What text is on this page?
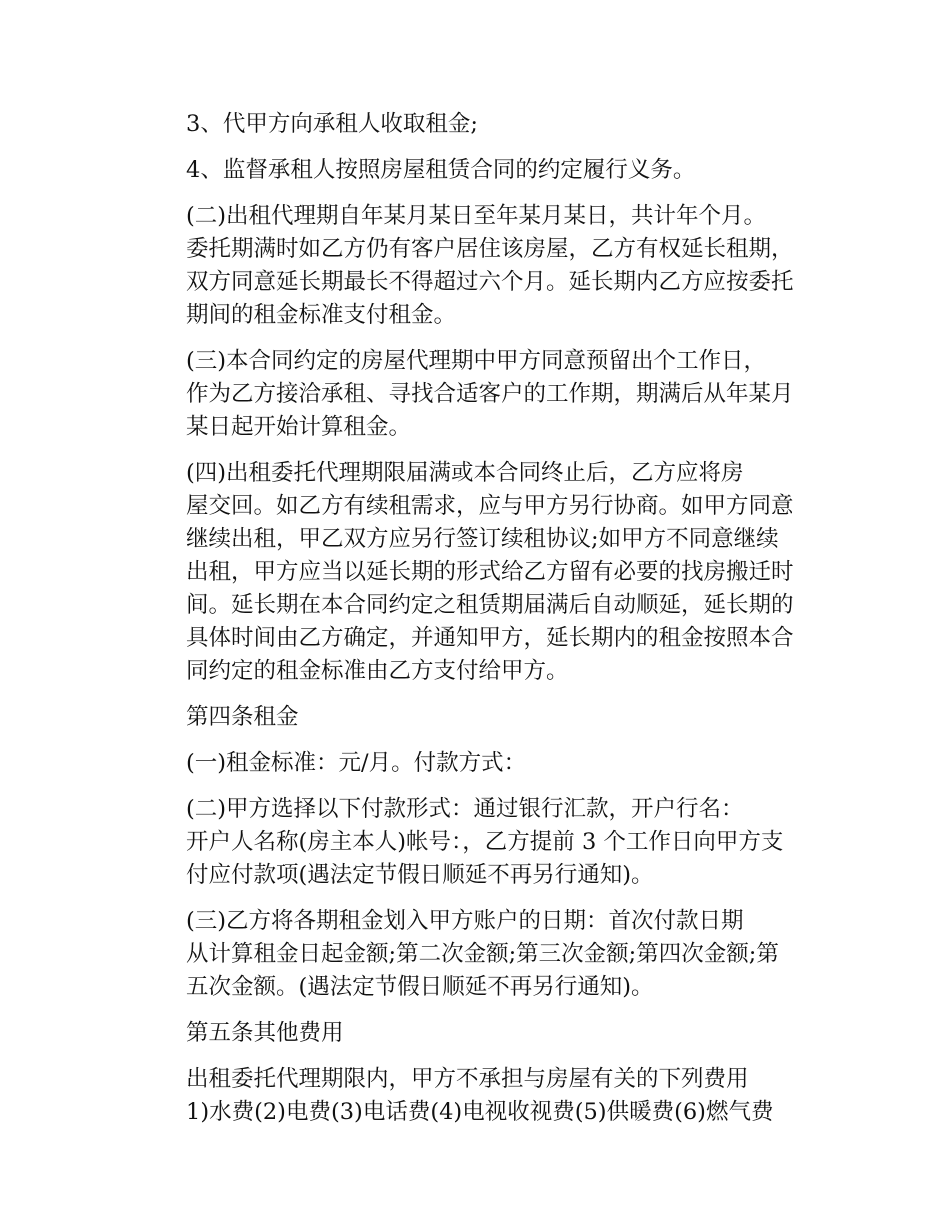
3、代甲方向承租人收取租金;

4、监督承租人按照房屋租赁合同的约定履行义务。

(二)出租代理期自年某月某日至年某月某日，共计年个月。
委托期满时如乙方仍有客户居住该房屋，乙方有权延长租期，
双方同意延长期最长不得超过六个月。延长期内乙方应按委托
期间的租金标准支付租金。

(三)本合同约定的房屋代理期中甲方同意预留出个工作日，
作为乙方接洽承租、寻找合适客户的工作期，期满后从年某月
某日起开始计算租金。

(四)出租委托代理期限届满或本合同终止后，乙方应将房
屋交回。如乙方有续租需求，应与甲方另行协商。如甲方同意
继续出租，甲乙双方应另行签订续租协议;如甲方不同意继续
出租，甲方应当以延长期的形式给乙方留有必要的找房搬迁时
间。延长期在本合同约定之租赁期届满后自动顺延，延长期的
具体时间由乙方确定，并通知甲方，延长期内的租金按照本合
同约定的租金标准由乙方支付给甲方。

第四条租金

(一)租金标准：元/月。付款方式：

(二)甲方选择以下付款形式：通过银行汇款，开户行名：
开户人名称(房主本人)帐号：，乙方提前 3 个工作日向甲方支
付应付款项(遇法定节假日顺延不再另行通知)。

(三)乙方将各期租金划入甲方账户的日期：首次付款日期
从计算租金日起金额;第二次金额;第三次金额;第四次金额;第
五次金额。(遇法定节假日顺延不再另行通知)。

第五条其他费用

出租委托代理期限内，甲方不承担与房屋有关的下列费用
1)水费(2)电费(3)电话费(4)电视收视费(5)供暖费(6)燃气费
